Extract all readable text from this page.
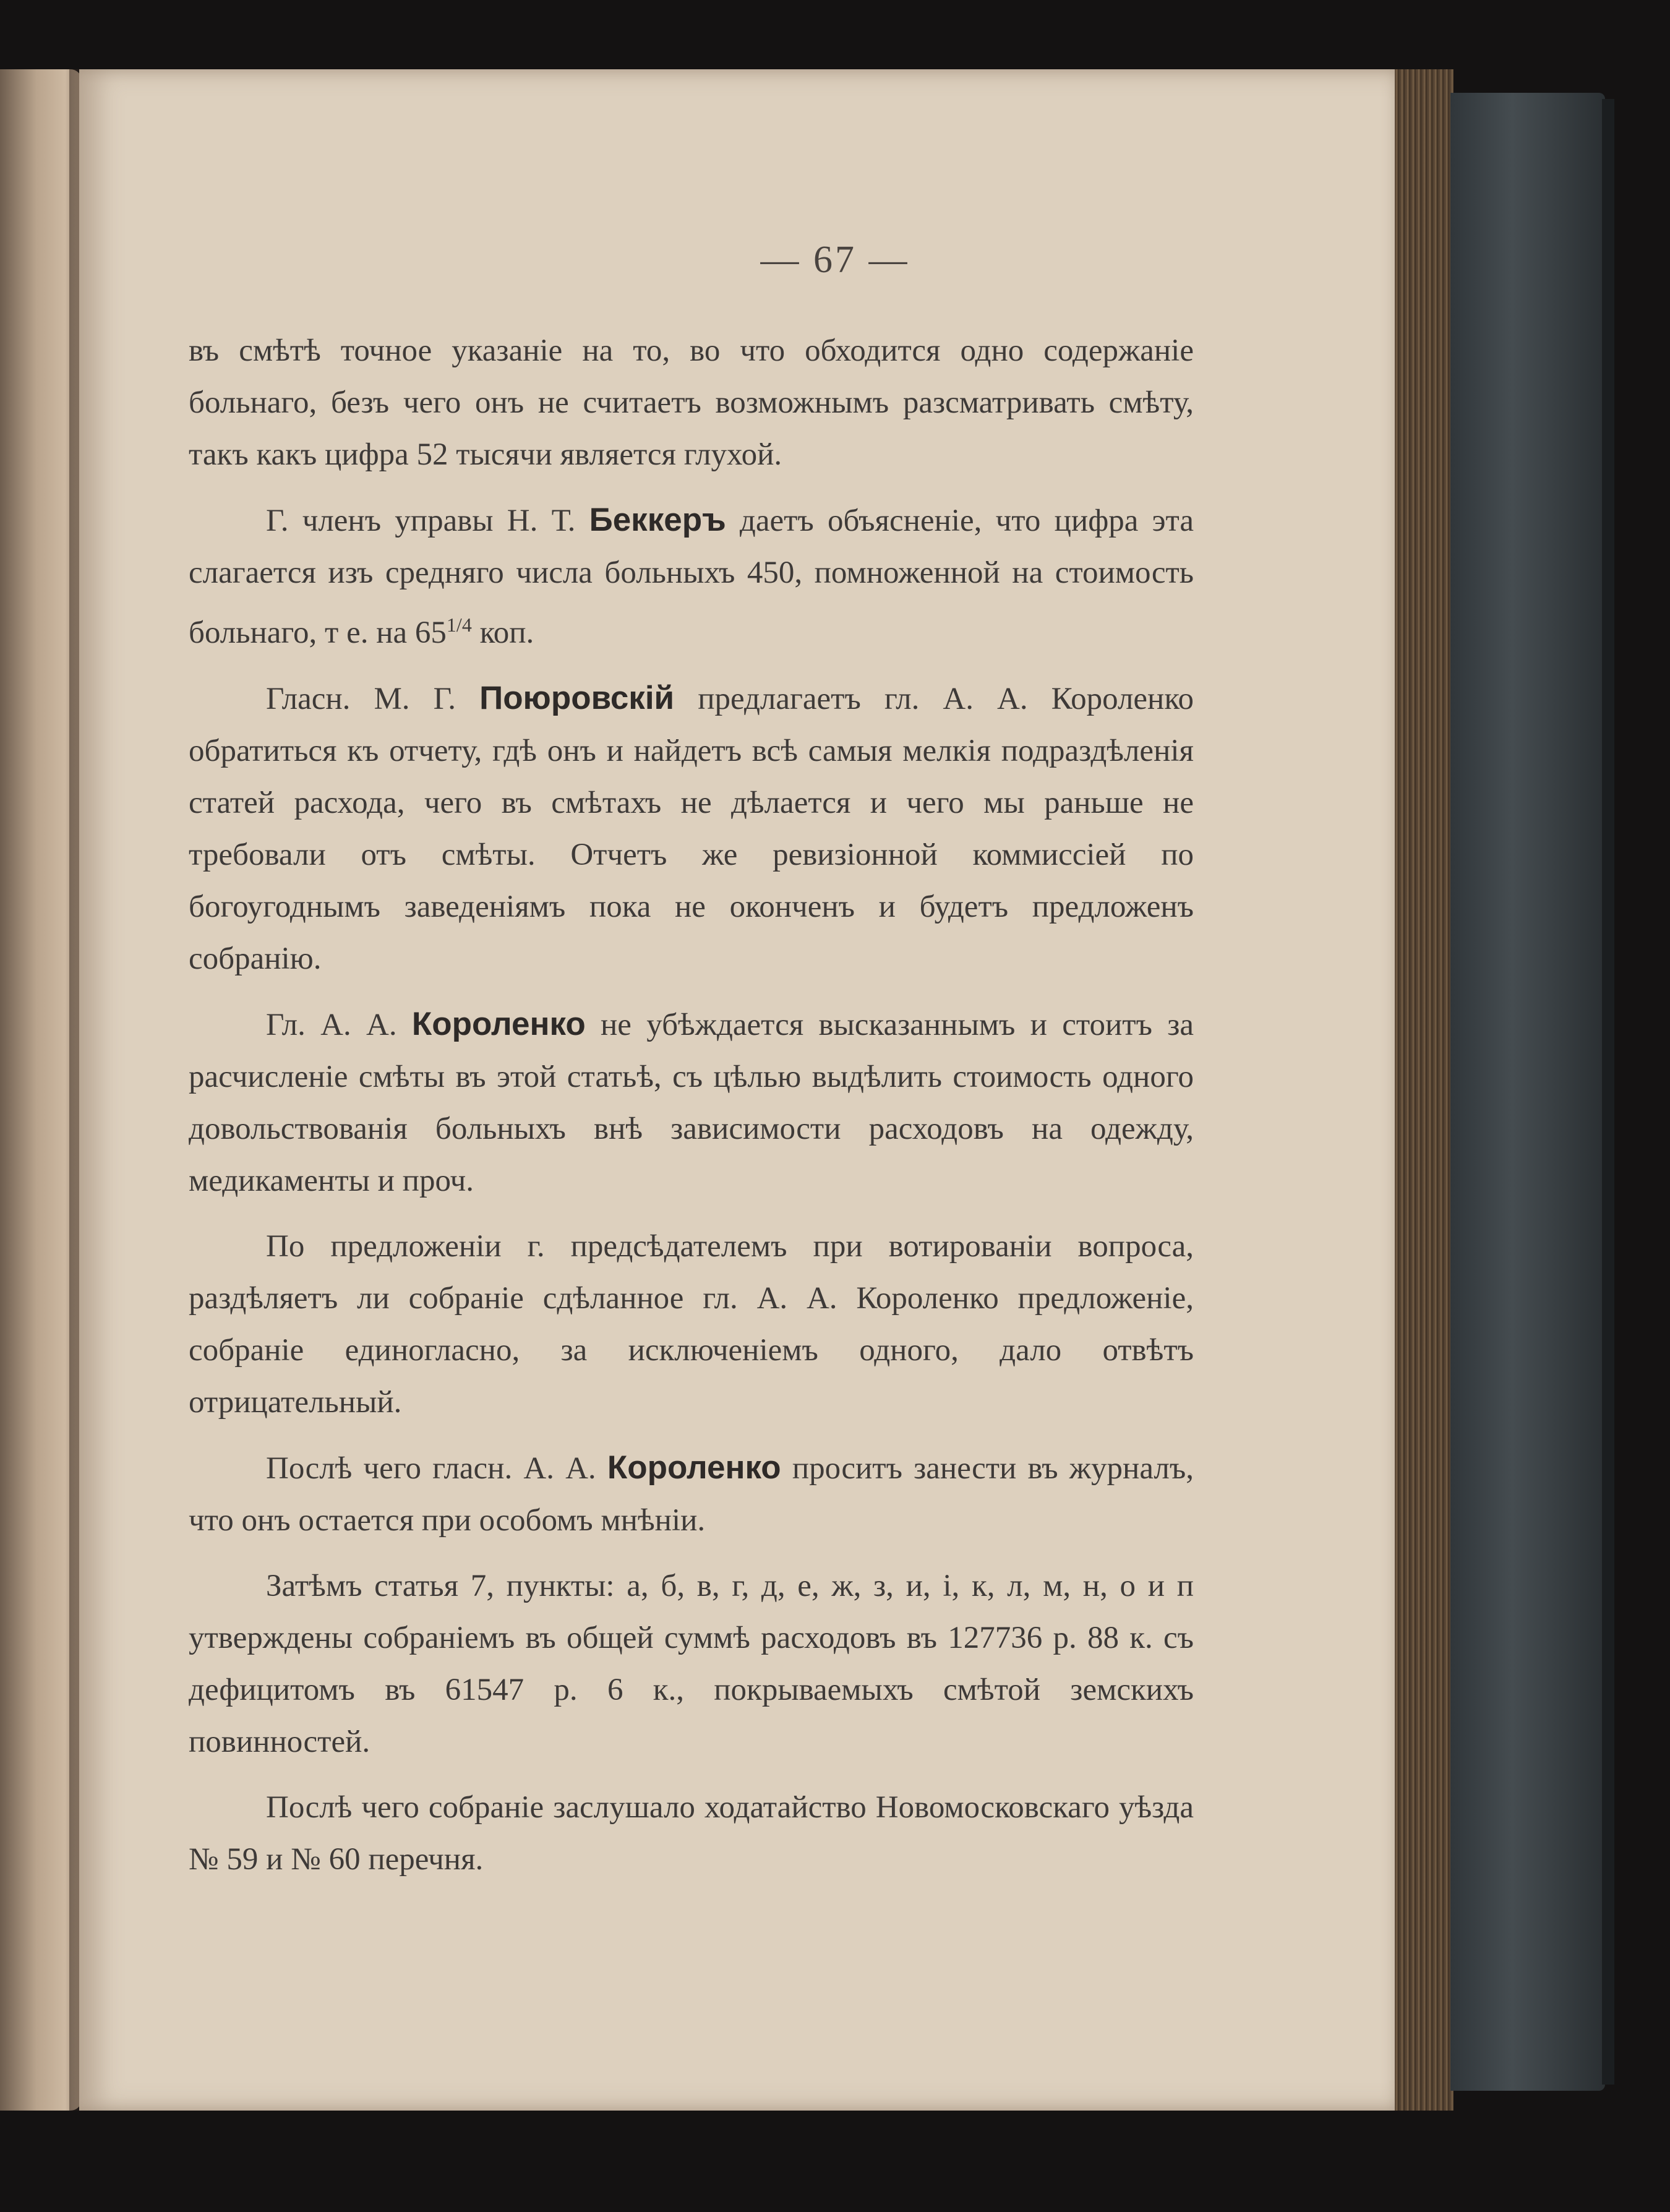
— 67 —

въ смѣтѣ точное указаніе на то, во что обходится одно содержаніе больнаго, безъ чего онъ не считаетъ возможнымъ разсматривать смѣту, такъ какъ цифра 52 тысячи является глухой.

Г. членъ управы Н. Т. Беккеръ даетъ объясненіе, что цифра эта слагается изъ средняго числа больныхъ 450, помноженной на стоимость больнаго, т е. на $65^{1/4}$ коп.

Гласн. М. Г. Поюровскій предлагаетъ гл. А. А. Короленко обратиться къ отчету, гдѣ онъ и найдетъ всѣ самыя мелкія подраздѣленія статей расхода, чего въ смѣтахъ не дѣлается и чего мы раньше не требовали отъ смѣты. Отчетъ же ревизіонной коммиссіей по богоугоднымъ заведеніямъ пока не оконченъ и будетъ предложенъ собранію.

Гл. А. А. Короленко не убѣждается высказаннымъ и стоитъ за расчисленіе смѣты въ этой статьѣ, съ цѣлью выдѣлить стоимость одного довольствованія больныхъ внѣ зависимости расходовъ на одежду, медикаменты и проч.

По предложеніи г. предсѣдателемъ при вотированіи вопроса, раздѣляетъ ли собраніе сдѣланное гл. А. А. Короленко предложеніе, собраніе единогласно, за исключеніемъ одного, дало отвѣтъ отрицательный.

Послѣ чего гласн. А. А. Короленко проситъ занести въ журналъ, что онъ остается при особомъ мнѣніи.

Затѣмъ статья 7, пункты: а, б, в, г, д, е, ж, з, и, і, к, л, м, н, о и п утверждены собраніемъ въ общей суммѣ расходовъ въ 127736 р. 88 к. съ дефицитомъ въ 61547 р. 6 к., покрываемыхъ смѣтой земскихъ повинностей.

Послѣ чего собраніе заслушало ходатайство Новомосковскаго уѣзда № 59 и № 60 перечня.
